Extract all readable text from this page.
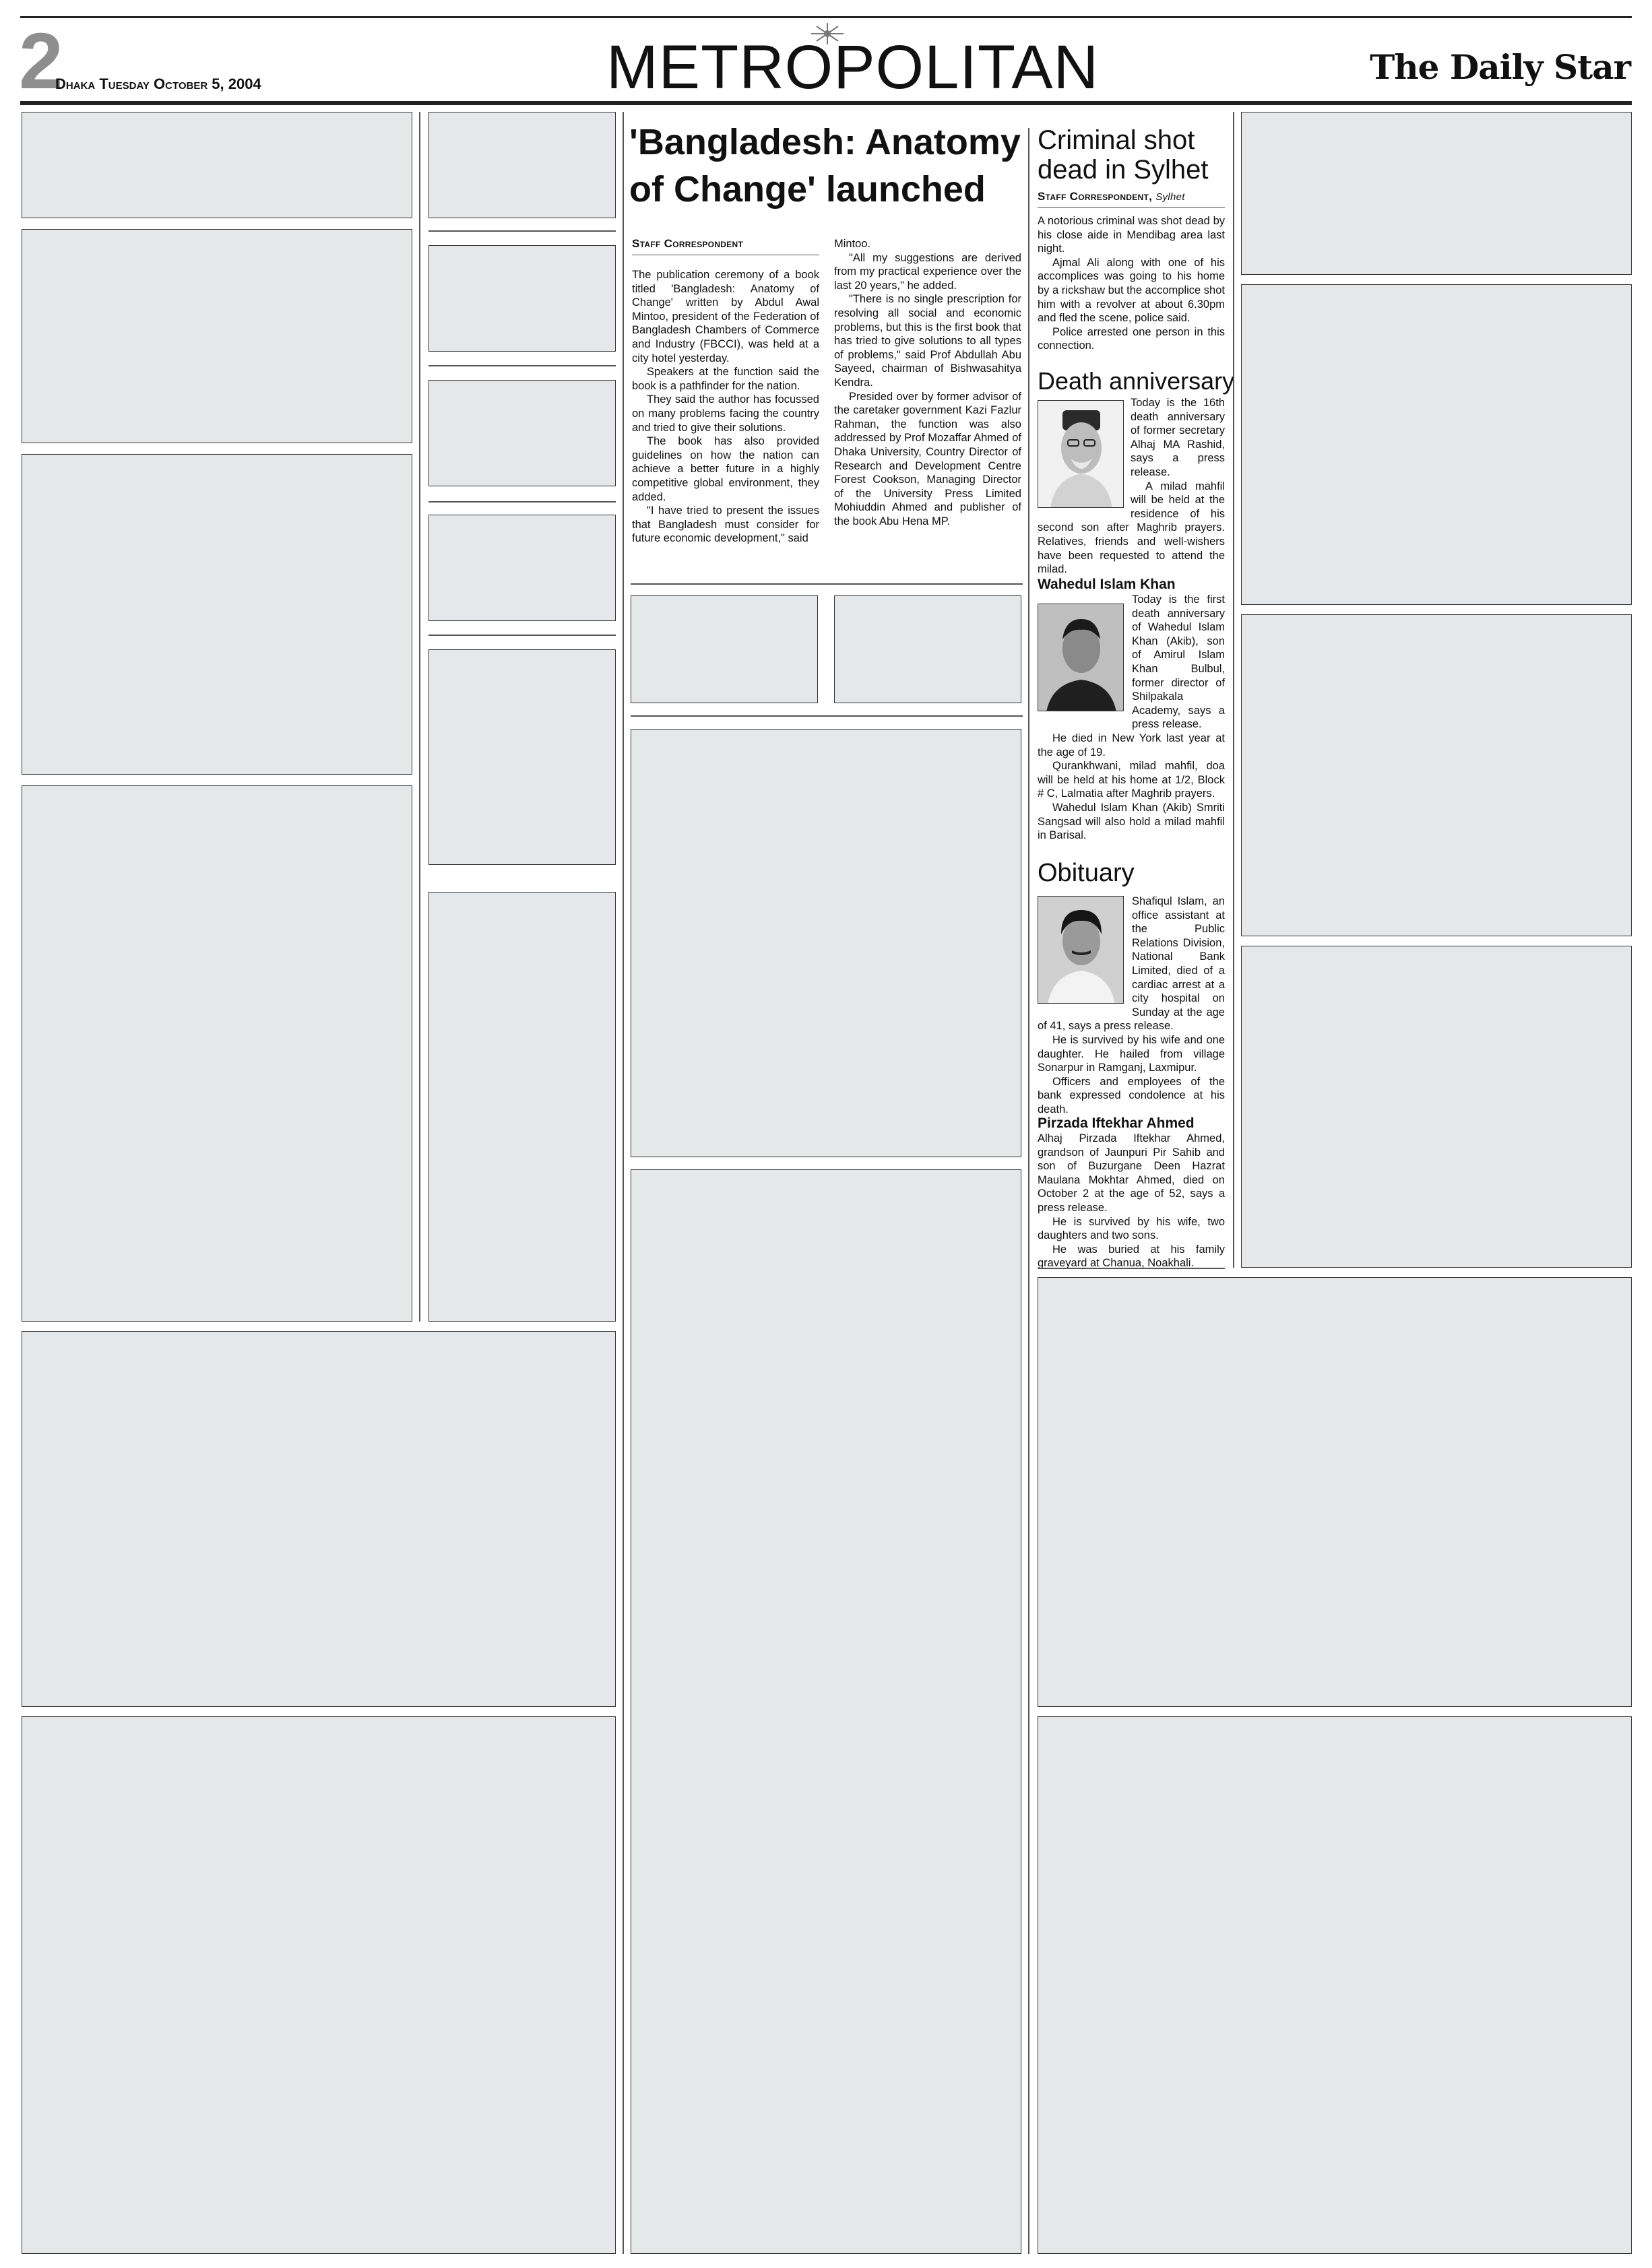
2
Dhaka Tuesday October 5, 2004	METROPOLITAN	The Daily Star
'Bangladesh: Anatomy of Change' launched
Staff Correspondent

The publication ceremony of a book titled 'Bangladesh: Anatomy of Change' written by Abdul Awal Mintoo, president of the Federation of Bangladesh Chambers of Commerce and Industry (FBCCI), was held at a city hotel yesterday.

Speakers at the function said the book is a pathfinder for the nation.

They said the author has focussed on many problems facing the country and tried to give their solutions.

The book has also provided guidelines on how the nation can achieve a better future in a highly competitive global environment, they added.

"I have tried to present the issues that Bangladesh must consider for future economic development," said

Mintoo.

"All my suggestions are derived from my practical experience over the last 20 years," he added.

"There is no single prescription for resolving all social and economic problems, but this is the first book that has tried to give solutions to all types of problems," said Prof Abdullah Abu Sayeed, chairman of Bishwasahitya Kendra.

Presided over by former advisor of the caretaker government Kazi Fazlur Rahman, the function was also addressed by Prof Mozaffar Ahmed of Dhaka University, Country Director of Research and Development Centre Forest Cookson, Managing Director of the University Press Limited Mohiuddin Ahmed and publisher of the book Abu Hena MP.

Criminal shot dead in Sylhet
Staff Correspondent, Sylhet

A notorious criminal was shot dead by his close aide in Mendibag area last night.

Ajmal Ali along with one of his accomplices was going to his home by a rickshaw but the accomplice shot him with a revolver at about 6.30pm and fled the scene, police said.

Police arrested one person in this connection.

Death anniversary

Today is the 16th death anniversary of former secretary Alhaj MA Rashid, says a press release.

A milad mahfil will be held at the residence of his second son after Maghrib prayers. Relatives, friends and well-wishers have been requested to attend the milad.

Wahedul Islam Khan

Today is the first death anniversary of Wahedul Islam Khan (Akib), son of Amirul Islam Khan Bulbul, former director of Shilpakala Academy, says a press release.

He died in New York last year at the age of 19.

Qurankhwani, milad mahfil, doa will be held at his home at 1/2, Block # C, Lalmatia after Maghrib prayers.

Wahedul Islam Khan (Akib) Smriti Sangsad will also hold a milad mahfil in Barisal.

Obituary

Shafiqul Islam, an office assistant at the Public Relations Division, National Bank Limited, died of a cardiac arrest at a city hospital on Sunday at the age of 41, says a press release.

He is survived by his wife and one daughter. He hailed from village Sonarpur in Ramganj, Laxmipur.

Officers and employees of the bank expressed condolence at his death.

Pirzada Iftekhar Ahmed

Alhaj Pirzada Iftekhar Ahmed, grandson of Jaunpuri Pir Sahib and son of Buzurgane Deen Hazrat Maulana Mokhtar Ahmed, died on October 2 at the age of 52, says a press release.

He is survived by his wife, two daughters and two sons.

He was buried at his family graveyard at Chanua, Noakhali.
